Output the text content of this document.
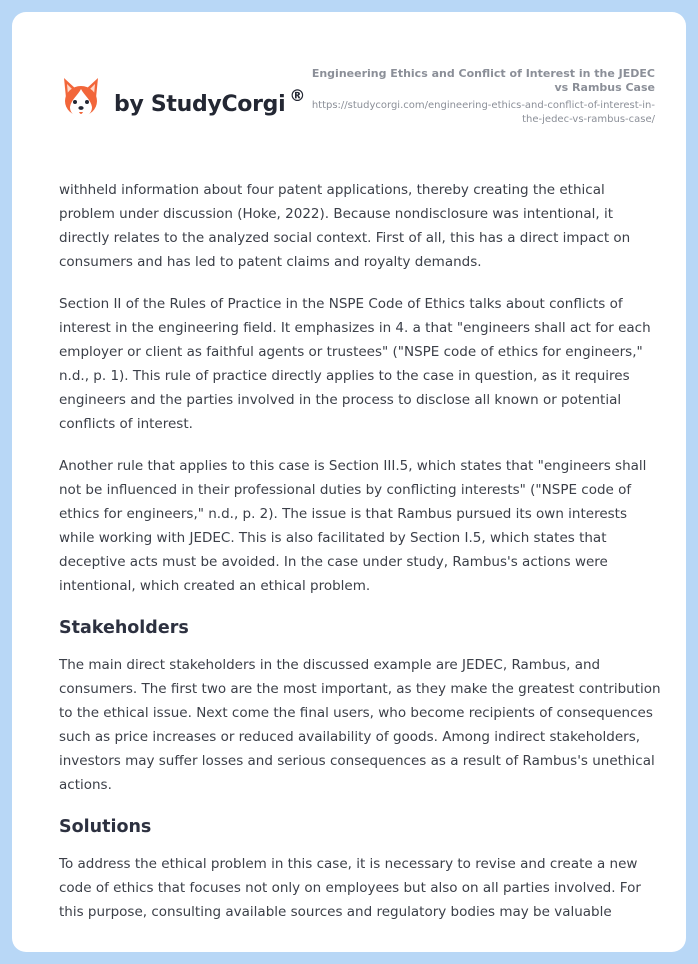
by StudyCorgi ®
Engineering Ethics and Conflict of Interest in the JEDEC vs Rambus Case
https://studycorgi.com/engineering-ethics-and-conflict-of-interest-in-the-jedec-vs-rambus-case/

withheld information about four patent applications, thereby creating the ethical problem under discussion (Hoke, 2022). Because nondisclosure was intentional, it directly relates to the analyzed social context. First of all, this has a direct impact on consumers and has led to patent claims and royalty demands.

Section II of the Rules of Practice in the NSPE Code of Ethics talks about conflicts of interest in the engineering field. It emphasizes in 4. a that "engineers shall act for each employer or client as faithful agents or trustees" ("NSPE code of ethics for engineers," n.d., p. 1). This rule of practice directly applies to the case in question, as it requires engineers and the parties involved in the process to disclose all known or potential conflicts of interest.

Another rule that applies to this case is Section III.5, which states that "engineers shall not be influenced in their professional duties by conflicting interests" ("NSPE code of ethics for engineers," n.d., p. 2). The issue is that Rambus pursued its own interests while working with JEDEC. This is also facilitated by Section I.5, which states that deceptive acts must be avoided. In the case under study, Rambus's actions were intentional, which created an ethical problem.

Stakeholders

The main direct stakeholders in the discussed example are JEDEC, Rambus, and consumers. The first two are the most important, as they make the greatest contribution to the ethical issue. Next come the final users, who become recipients of consequences such as price increases or reduced availability of goods. Among indirect stakeholders, investors may suffer losses and serious consequences as a result of Rambus's unethical actions.

Solutions

To address the ethical problem in this case, it is necessary to revise and create a new code of ethics that focuses not only on employees but also on all parties involved. For this purpose, consulting available sources and regulatory bodies may be valuable
